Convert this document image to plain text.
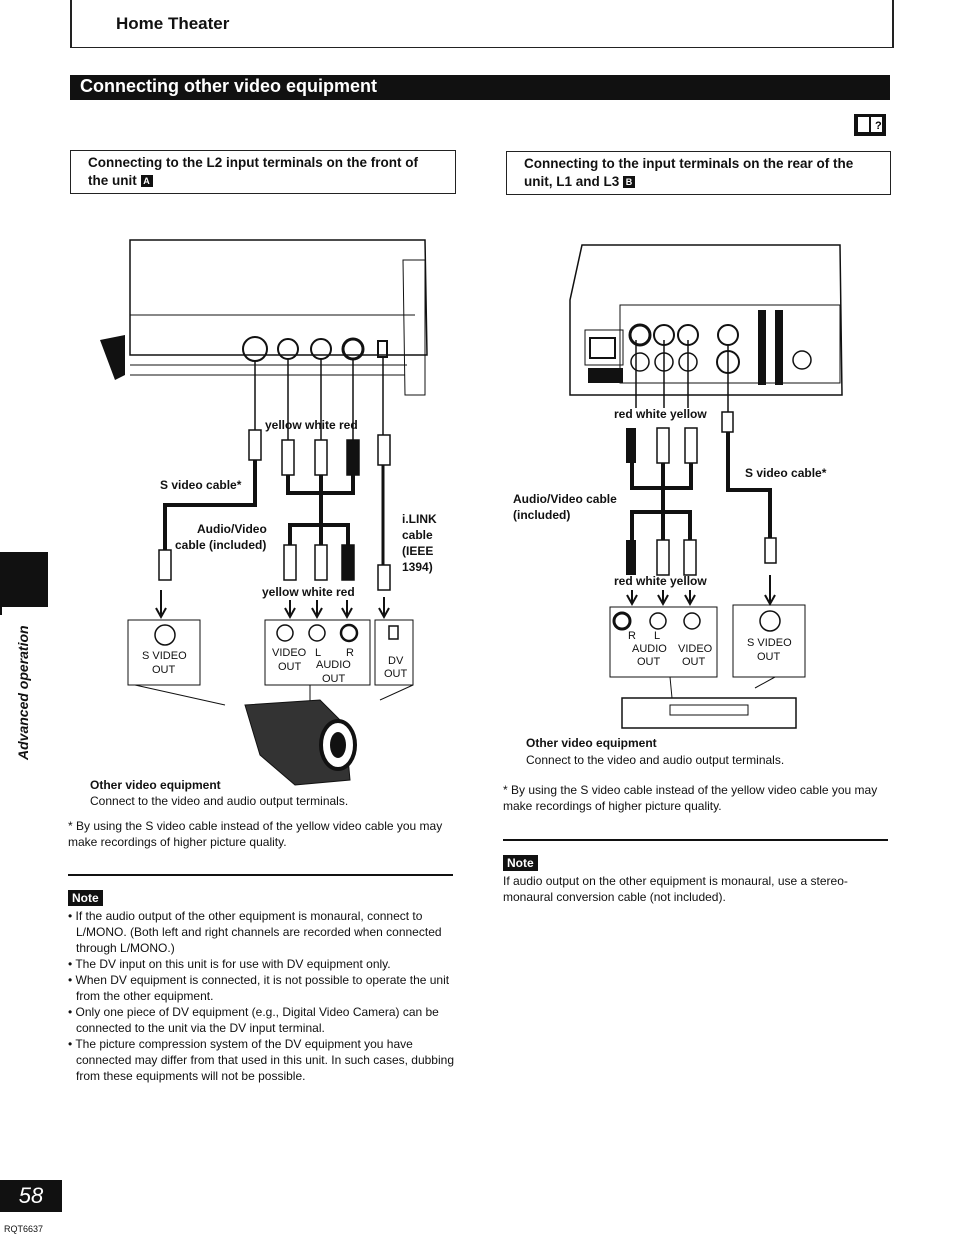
Home Theater
Connecting other video equipment
?
Connecting to the L2 input terminals on the front of
the unit A
Connecting to the input terminals on the rear of the
unit, L1 and L3 B
yellow white red
S video cable*
Audio/Video
cable (included)
i.LINK
cable
(IEEE
1394)
yellow white red
S VIDEO
OUT
VIDEO L R
OUT AUDIO
OUT
DV
OUT
Other video equipment
Connect to the video and audio output terminals.
* By using the S video cable instead of the yellow video cable you may make recordings of higher picture quality.
Note
• If the audio output of the other equipment is monaural, connect to L/MONO. (Both left and right channels are recorded when connected through L/MONO.)
• The DV input on this unit is for use with DV equipment only.
• When DV equipment is connected, it is not possible to operate the unit from the other equipment.
• Only one piece of DV equipment (e.g., Digital Video Camera) can be connected to the unit via the DV input terminal.
• The picture compression system of the DV equipment you have connected may differ from that used in this unit. In such cases, dubbing from these equipments will not be possible.
red white yellow
S video cable*
Audio/Video cable
(included)
red white yellow
R L
AUDIO VIDEO
OUT OUT
S VIDEO
OUT
Other video equipment
Connect to the video and audio output terminals.
* By using the S video cable instead of the yellow video cable you may make recordings of higher picture quality.
Note
If audio output on the other equipment is monaural, use a stereo-monaural conversion cable (not included).
Advanced operation
58
RQT6637
